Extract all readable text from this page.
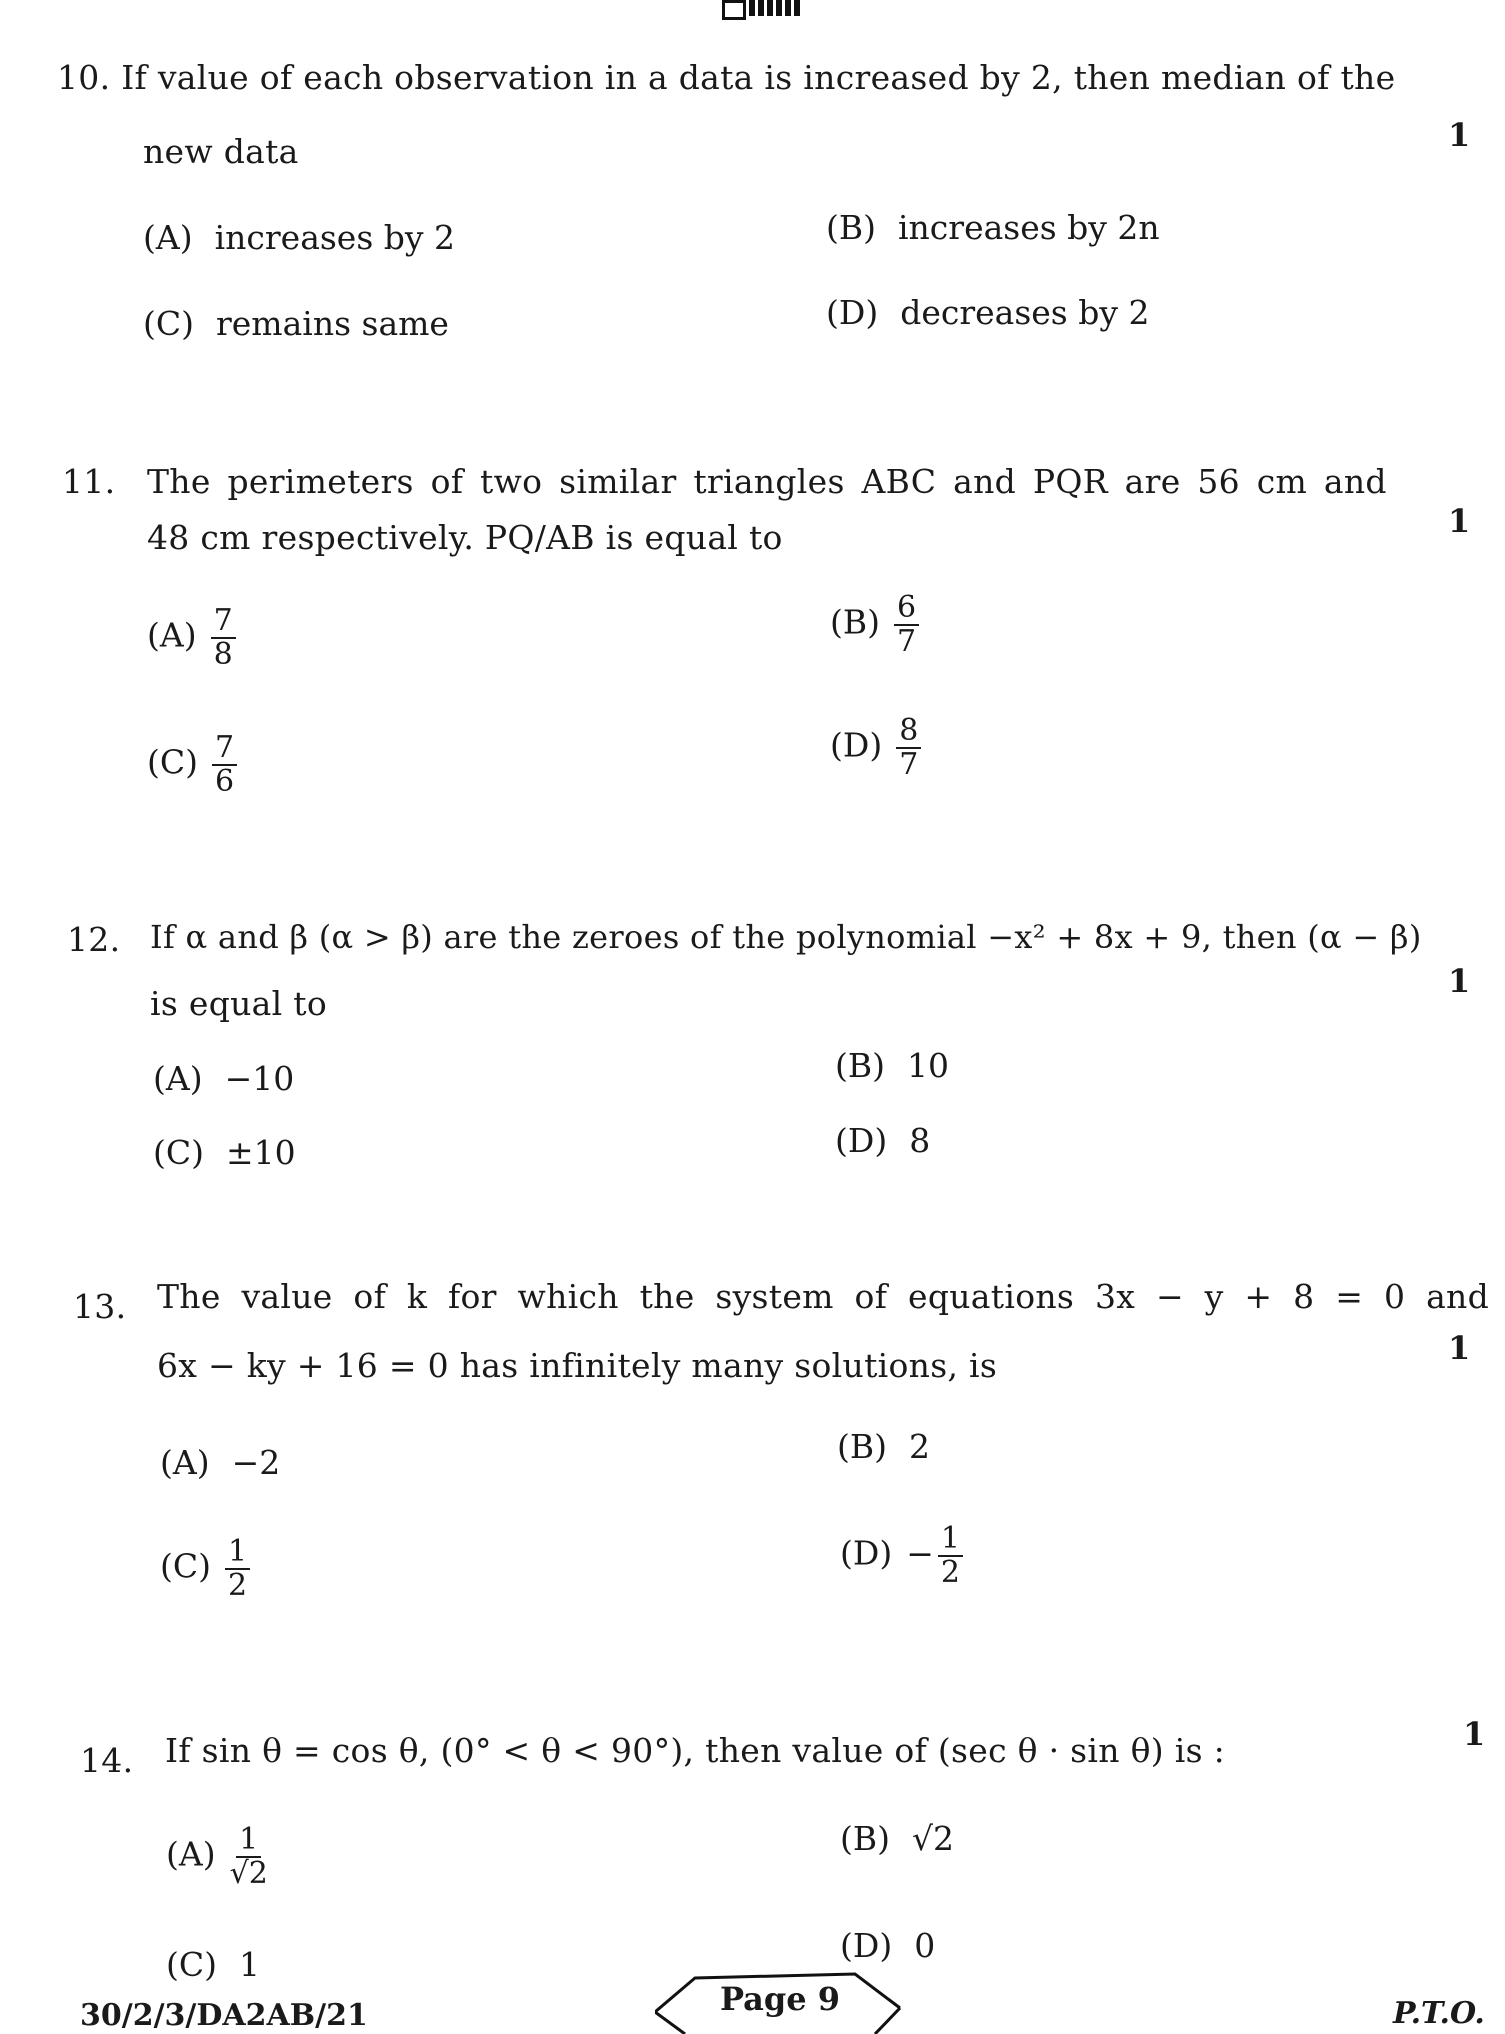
10. If value of each observation in a data is increased by 2, then median of the
new data	1
(A) increases by 2	(B) increases by 2n
(C) remains same	(D) decreases by 2
11. The perimeters of two similar triangles ABC and PQR are 56 cm and
48 cm respectively. PQ/AB is equal to	1
$(A) \frac{7}{8}$	$(B) \frac{6}{7}$
$(C) \frac{7}{6}$	$(D) \frac{8}{7}$
12. If α and β (α > β) are the zeroes of the polynomial −x² + 8x + 9, then (α − β)
is equal to
1
(A) −10	(B) 10
(C) ±10	(D) 8
13. The value of k for which the system of equations 3x − y + 8 = 0 and
6x − ky + 16 = 0 has infinitely many solutions, is	1
(A) −2	(B) 2
$(C) \frac{1}{2}$	$(D) - \frac{1}{2}$
14. If sin θ = cos θ, (0° < θ < 90°), then value of (sec θ · sin θ) is :	1
$(A) \frac{1}{√2}$	(B) √2
(C) 1	(D) 0
30/2/3/DA2AB/21	Page 9	P.T.O.
